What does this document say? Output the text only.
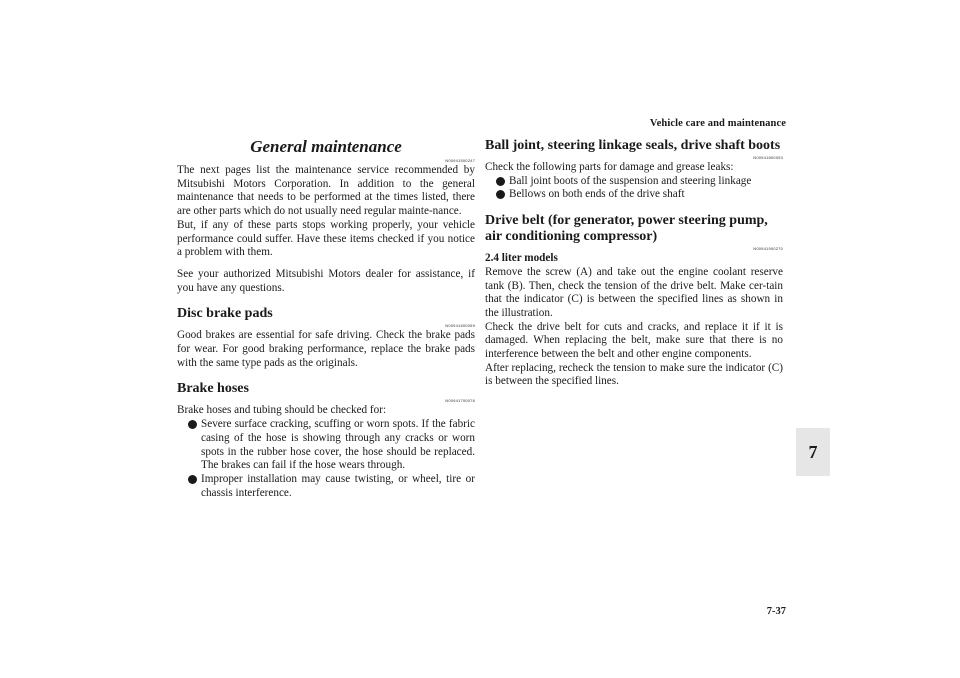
Vehicle care and maintenance
7
7-37
General maintenance
N00941500247

The next pages list the maintenance service recommended by Mitsubishi Motors Corporation. In addition to the general maintenance that needs to be performed at the times listed, there are other parts which do not usually need regular mainte-nance.

But, if any of these parts stops working properly, your vehicle performance could suffer. Have these items checked if you notice a problem with them.

See your authorized Mitsubishi Motors dealer for assistance, if you have any questions.

Disc brake pads
N00941600059

Good brakes are essential for safe driving. Check the brake pads for wear. For good braking performance, replace the brake pads with the same type pads as the originals.

Brake hoses
N00941700076

Brake hoses and tubing should be checked for:

Severe surface cracking, scuffing or worn spots. If the fabric casing of the hose is showing through any cracks or worn spots in the rubber hose cover, the hose should be replaced. The brakes can fail if the hose wears through.
Improper installation may cause twisting, or wheel, tire or chassis interference.
Ball joint, steering linkage seals, drive shaft boots
N00941800093

Check the following parts for damage and grease leaks:

Ball joint boots of the suspension and steering linkage
Bellows on both ends of the drive shaft
Drive belt (for generator, power steering pump, air conditioning compressor)
N00941900270

2.4 liter models

Remove the screw (A) and take out the engine coolant reserve tank (B). Then, check the tension of the drive belt. Make cer-tain that the indicator (C) is between the specified lines as shown in the illustration.

Check the drive belt for cuts and cracks, and replace it if it is damaged. When replacing the belt, make sure that there is no interference between the belt and other engine components.

After replacing, recheck the tension to make sure the indicator (C) is between the specified lines.
